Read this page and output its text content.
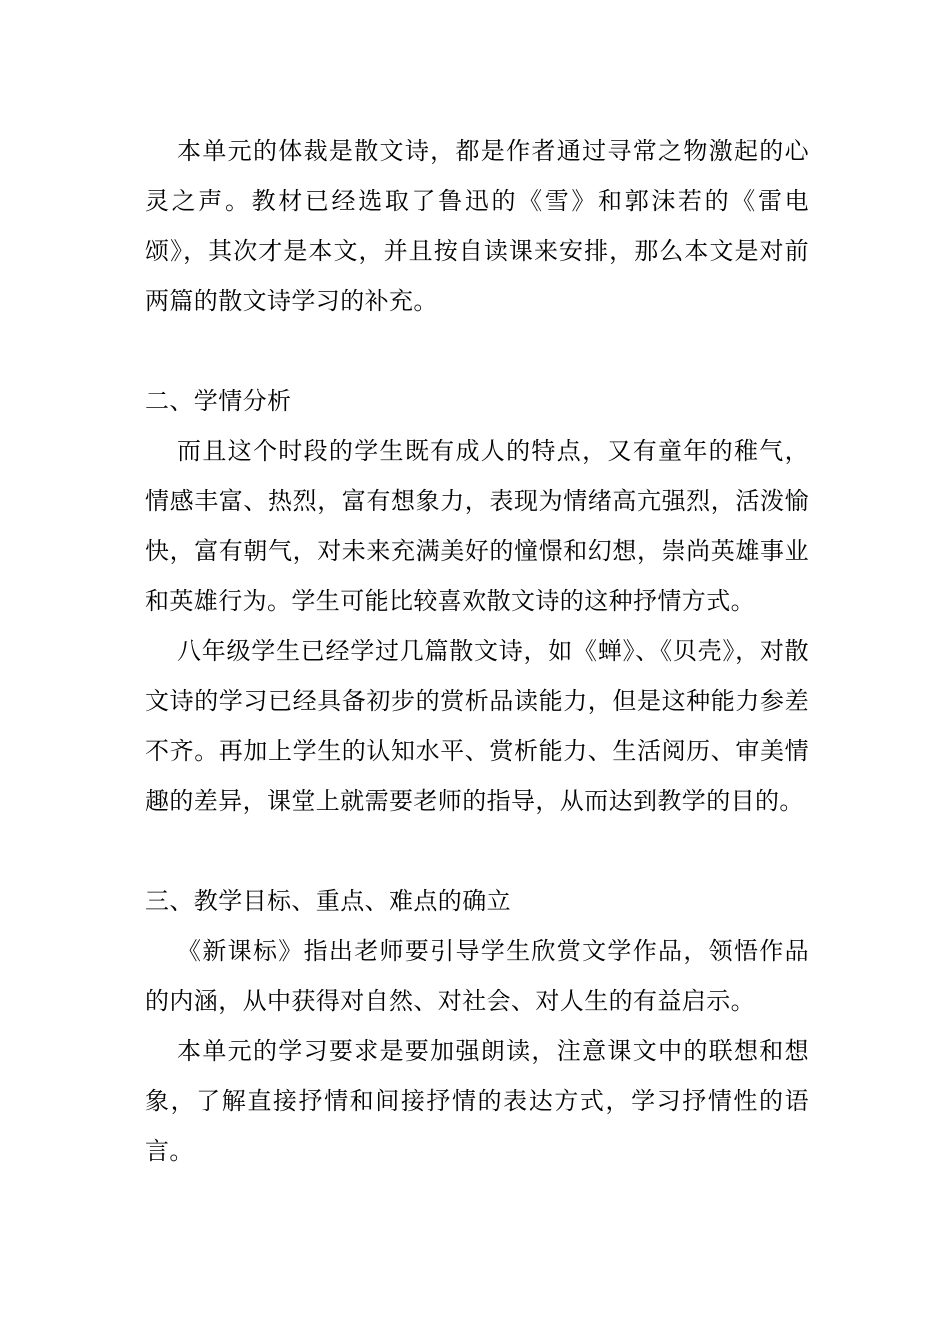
本单元的体裁是散文诗，都是作者通过寻常之物激起的心灵之声。教材已经选取了鲁迅的《雪》和郭沫若的《雷电颂》，其次才是本文，并且按自读课来安排，那么本文是对前两篇的散文诗学习的补充。

二、学情分析

而且这个时段的学生既有成人的特点，又有童年的稚气，情感丰富、热烈，富有想象力，表现为情绪高亢强烈，活泼愉快，富有朝气，对未来充满美好的憧憬和幻想，崇尚英雄事业和英雄行为。学生可能比较喜欢散文诗的这种抒情方式。

八年级学生已经学过几篇散文诗，如《蝉》、《贝壳》，对散文诗的学习已经具备初步的赏析品读能力，但是这种能力参差不齐。再加上学生的认知水平、赏析能力、生活阅历、审美情趣的差异，课堂上就需要老师的指导，从而达到教学的目的。

三、教学目标、重点、难点的确立

《新课标》指出老师要引导学生欣赏文学作品，领悟作品的内涵，从中获得对自然、对社会、对人生的有益启示。

本单元的学习要求是要加强朗读，注意课文中的联想和想象，了解直接抒情和间接抒情的表达方式，学习抒情性的语言。
